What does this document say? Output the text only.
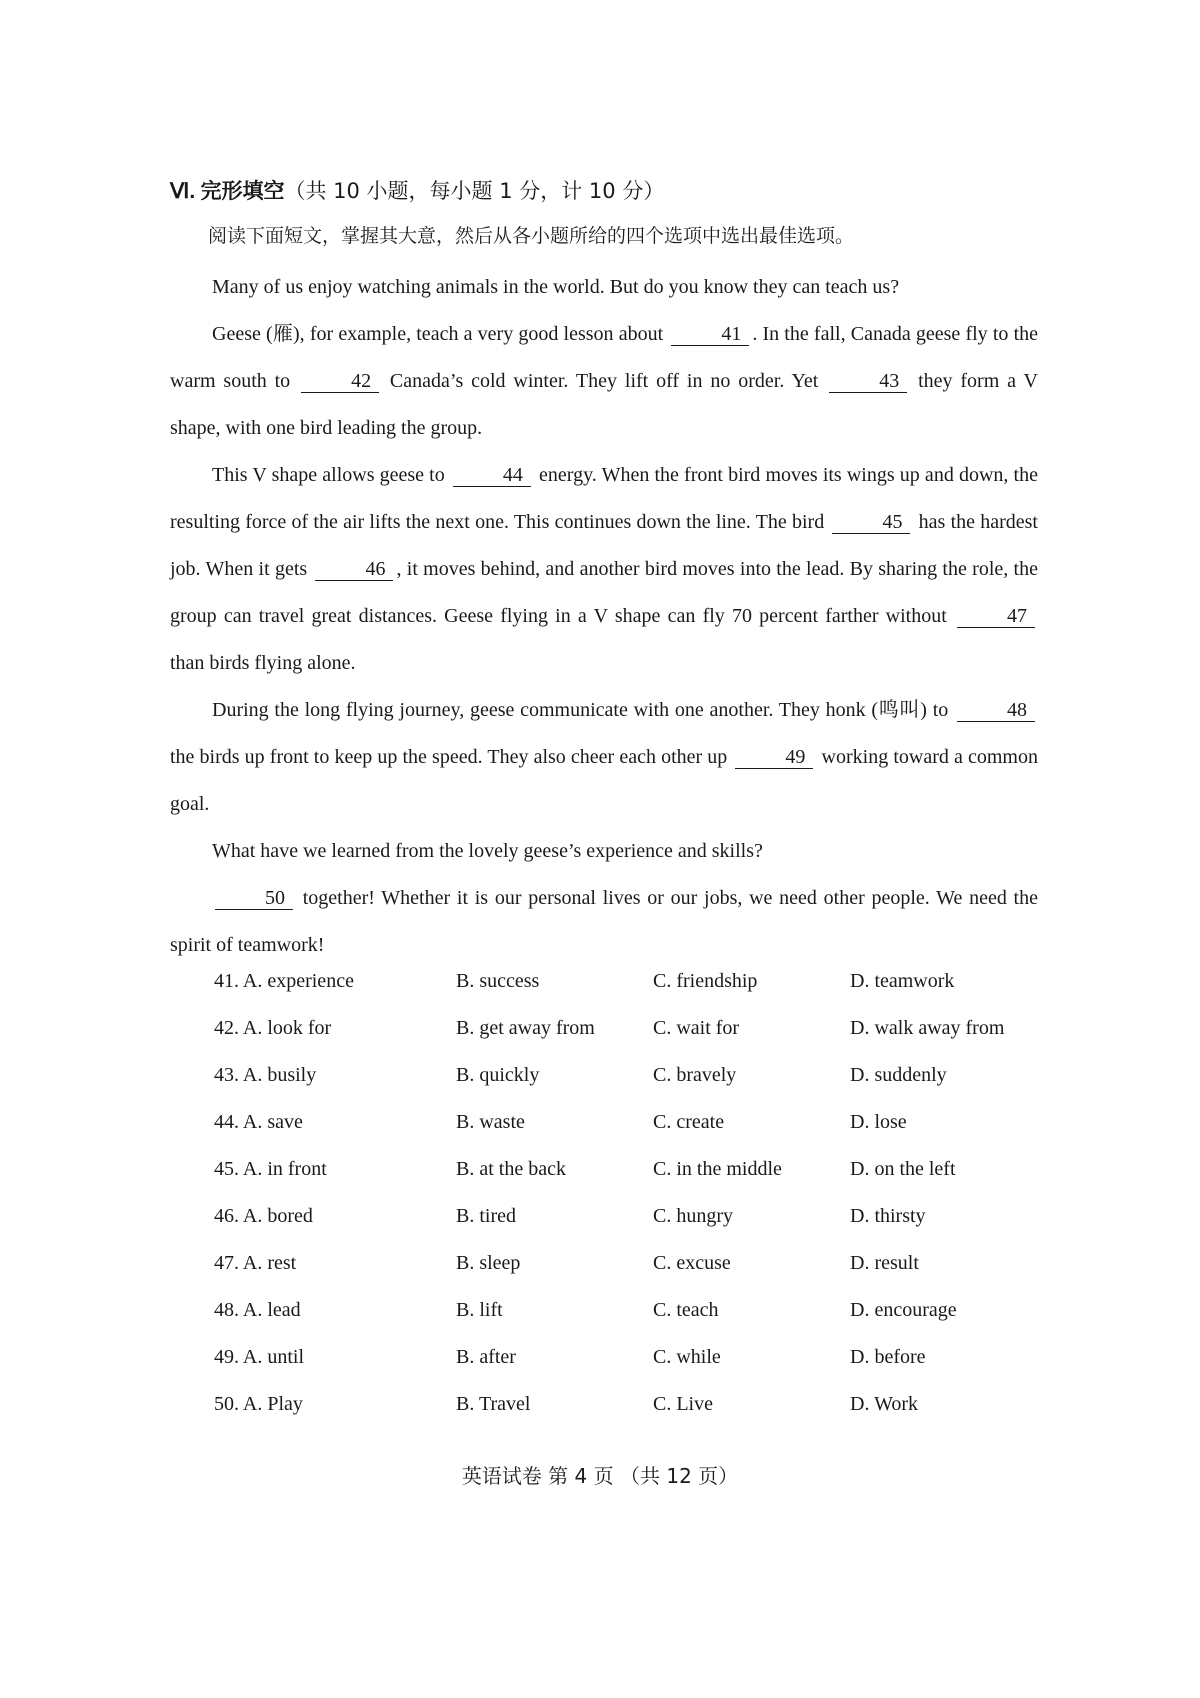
Ⅵ. 完形填空（共 10 小题，每小题 1 分，计 10 分）
阅读下面短文，掌握其大意，然后从各小题所给的四个选项中选出最佳选项。

Many of us enjoy watching animals in the world. But do you know they can teach us?

Geese (雁), for example, teach a very good lesson about	41 . In the fall, Canada geese fly to the warm south to	42 Canada’s cold winter. They lift off in no order. Yet	43 they form a V shape, with one bird leading the group.

This V shape allows geese to	44 energy. When the front bird moves its wings up and down, the resulting force of the air lifts the next one. This continues down the line. The bird	45 has the hardest job. When it gets	46 , it moves behind, and another bird moves into the lead. By sharing the role, the group can travel great distances. Geese flying in a V shape can fly 70 percent farther without	47 than birds flying alone.

During the long flying journey, geese communicate with one another. They honk (鸣叫) to	48 the birds up front to keep up the speed. They also cheer each other up	49 working toward a common goal.

What have we learned from the lovely geese’s experience and skills?

50 together! Whether it is our personal lives or our jobs, we need other people. We need the spirit of teamwork!

41. A. experience	B. success	C. friendship	D. teamwork
42. A. look for	B. get away from	C. wait for	D. walk away from
43. A. busily	B. quickly	C. bravely	D. suddenly
44. A. save	B. waste	C. create	D. lose
45. A. in front	B. at the back	C. in the middle	D. on the left
46. A. bored	B. tired	C. hungry	D. thirsty
47. A. rest	B. sleep	C. excuse	D. result
48. A. lead	B. lift	C. teach	D. encourage
49. A. until	B. after	C. while	D. before
50. A. Play	B. Travel	C. Live	D. Work
英语试卷 第 4 页 （共 12 页）
